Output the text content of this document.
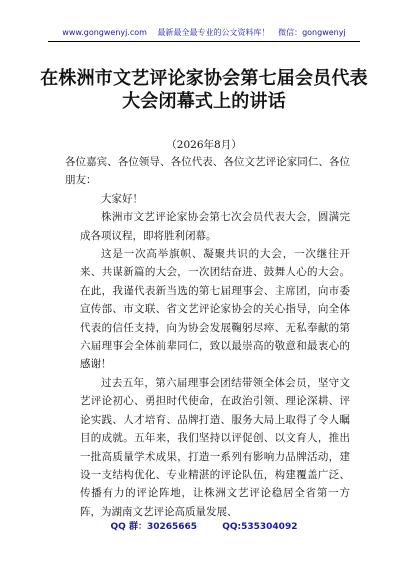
www.gongwenyj.com 最新最全最专业的公文资料库！ 微信：gongwenyj
在株洲市文艺评论家协会第七届会员代表
大会闭幕式上的讲话
（2026年8月）

各位嘉宾、各位领导、各位代表、各位文艺评论家同仁、各位朋友：

大家好！

株洲市文艺评论家协会第七次会员代表大会，圆满完成各项议程，即将胜利闭幕。

这是一次高举旗帜、凝聚共识的大会，一次继往开来、共谋新篇的大会，一次团结奋进、鼓舞人心的大会。在此，我谨代表新当选的第七届理事会、主席团，向市委宣传部、市文联、省文艺评论家协会的关心指导，向全体代表的信任支持，向为协会发展鞠躬尽瘁、无私奉献的第六届理事会全体前辈同仁，致以最崇高的敬意和最衷心的感谢！

过去五年，第六届理事会团结带领全体会员，坚守文艺评论初心、勇担时代使命，在政治引领、理论深耕、评论实践、人才培育、品牌打造、服务大局上取得了令人瞩目的成就。五年来，我们坚持以评促创、以文育人，推出一批高质量学术成果，打造一系列有影响力品牌活动，建设一支结构优化、专业精湛的评论队伍，构建覆盖广泛、传播有力的评论阵地，让株洲文艺评论稳居全省第一方阵，为湖南文艺评论高质量发展、

QQ 群：30265665	QQ:535304092
